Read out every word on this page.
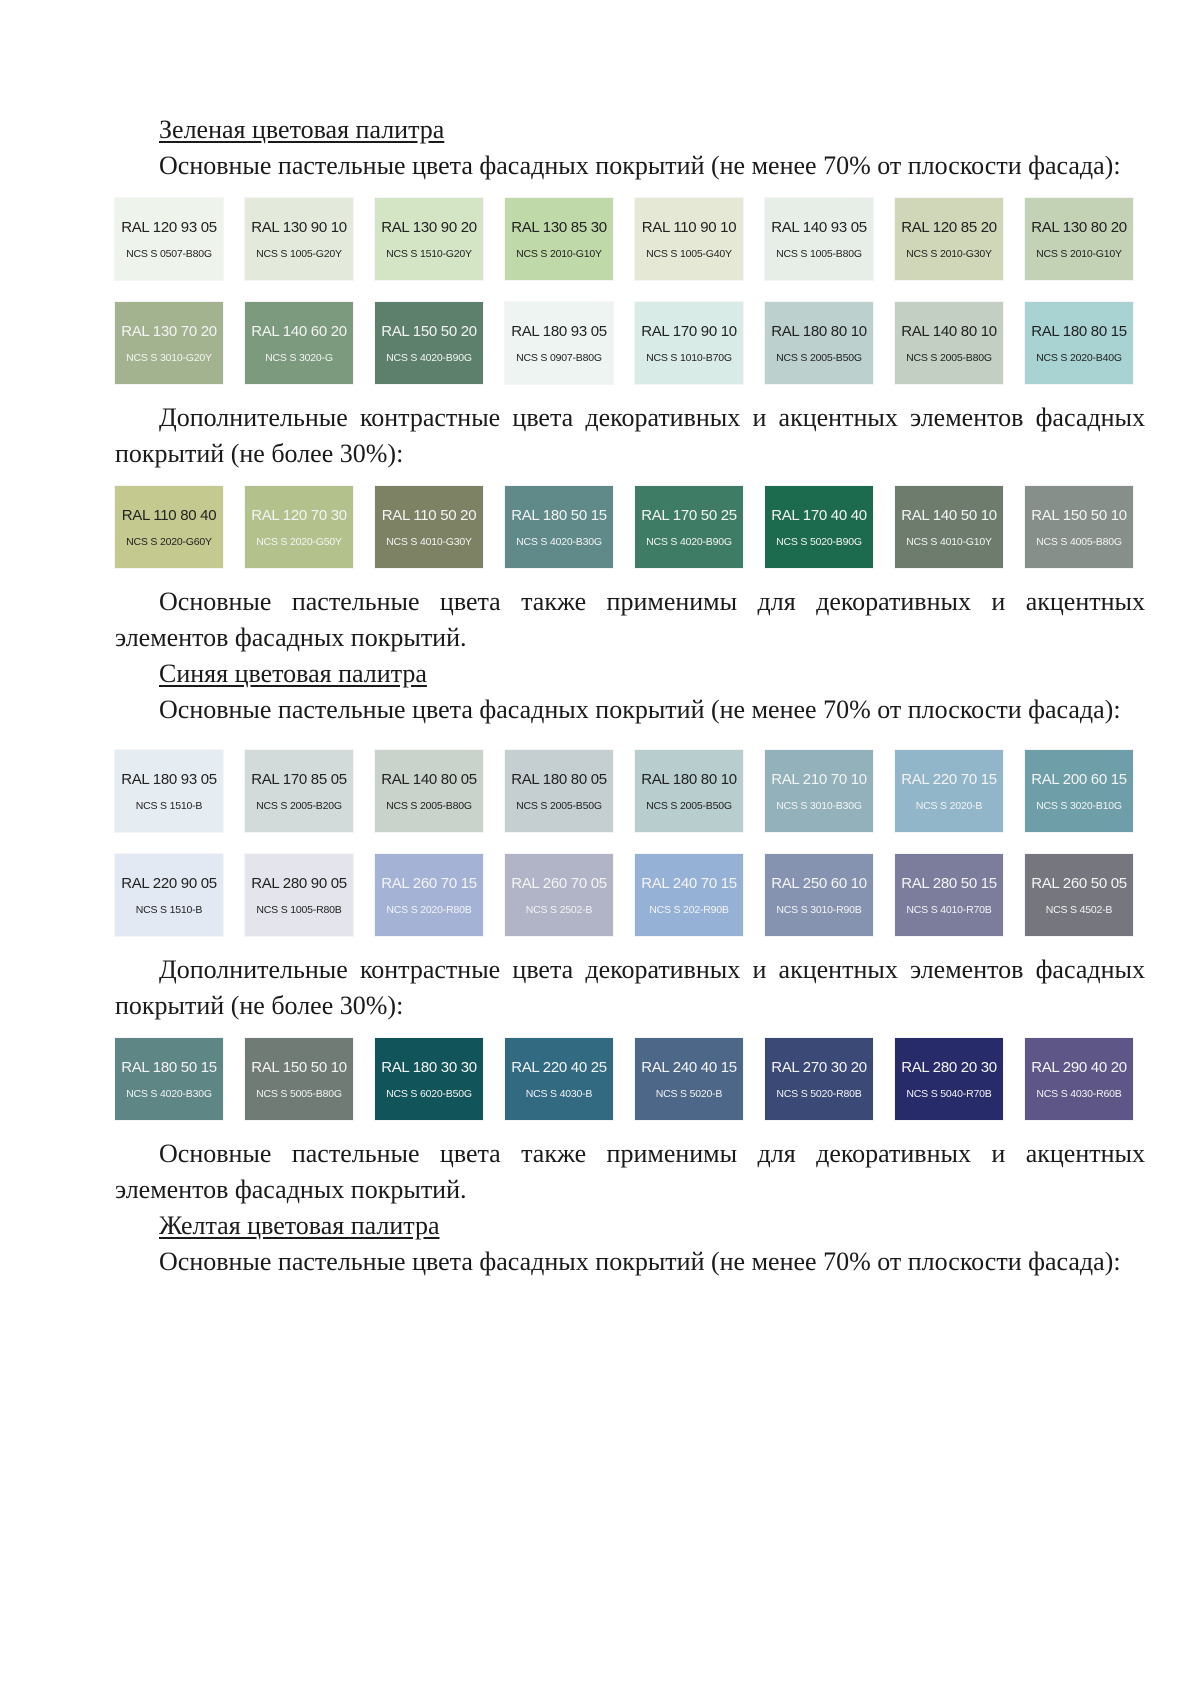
Зеленая цветовая палитра

Основные пастельные цвета фасадных покрытий (не менее 70% от плоскости фасада):

RAL 120 93 05
NCS S 0507-B80G
RAL 130 90 10
NCS S 1005-G20Y
RAL 130 90 20
NCS S 1510-G20Y
RAL 130 85 30
NCS S 2010-G10Y
RAL 110 90 10
NCS S 1005-G40Y
RAL 140 93 05
NCS S 1005-B80G
RAL 120 85 20
NCS S 2010-G30Y
RAL 130 80 20
NCS S 2010-G10Y
RAL 130 70 20
NCS S 3010-G20Y
RAL 140 60 20
NCS S 3020-G
RAL 150 50 20
NCS S 4020-B90G
RAL 180 93 05
NCS S 0907-B80G
RAL 170 90 10
NCS S 1010-B70G
RAL 180 80 10
NCS S 2005-B50G
RAL 140 80 10
NCS S 2005-B80G
RAL 180 80 15
NCS S 2020-B40G

Дополнительные контрастные цвета декоративных и акцентных элементов фасадных покрытий (не более 30%):

RAL 110 80 40
NCS S 2020-G60Y
RAL 120 70 30
NCS S 2020-G50Y
RAL 110 50 20
NCS S 4010-G30Y
RAL 180 50 15
NCS S 4020-B30G
RAL 170 50 25
NCS S 4020-B90G
RAL 170 40 40
NCS S 5020-B90G
RAL 140 50 10
NCS S 4010-G10Y
RAL 150 50 10
NCS S 4005-B80G

Основные пастельные цвета также применимы для декоративных и акцентных элементов фасадных покрытий.

Синяя цветовая палитра

Основные пастельные цвета фасадных покрытий (не менее 70% от плоскости фасада):

RAL 180 93 05
NCS S 1510-B
RAL 170 85 05
NCS S 2005-B20G
RAL 140 80 05
NCS S 2005-B80G
RAL 180 80 05
NCS S 2005-B50G
RAL 180 80 10
NCS S 2005-B50G
RAL 210 70 10
NCS S 3010-B30G
RAL 220 70 15
NCS S 2020-B
RAL 200 60 15
NCS S 3020-B10G
RAL 220 90 05
NCS S 1510-B
RAL 280 90 05
NCS S 1005-R80B
RAL 260 70 15
NCS S 2020-R80B
RAL 260 70 05
NCS S 2502-B
RAL 240 70 15
NCS S 202-R90B
RAL 250 60 10
NCS S 3010-R90B
RAL 280 50 15
NCS S 4010-R70B
RAL 260 50 05
NCS S 4502-B

Дополнительные контрастные цвета декоративных и акцентных элементов фасадных покрытий (не более 30%):

RAL 180 50 15
NCS S 4020-B30G
RAL 150 50 10
NCS S 5005-B80G
RAL 180 30 30
NCS S 6020-B50G
RAL 220 40 25
NCS S 4030-B
RAL 240 40 15
NCS S 5020-B
RAL 270 30 20
NCS S 5020-R80B
RAL 280 20 30
NCS S 5040-R70B
RAL 290 40 20
NCS S 4030-R60B

Основные пастельные цвета также применимы для декоративных и акцентных элементов фасадных покрытий.

Желтая цветовая палитра

Основные пастельные цвета фасадных покрытий (не менее 70% от плоскости фасада):
